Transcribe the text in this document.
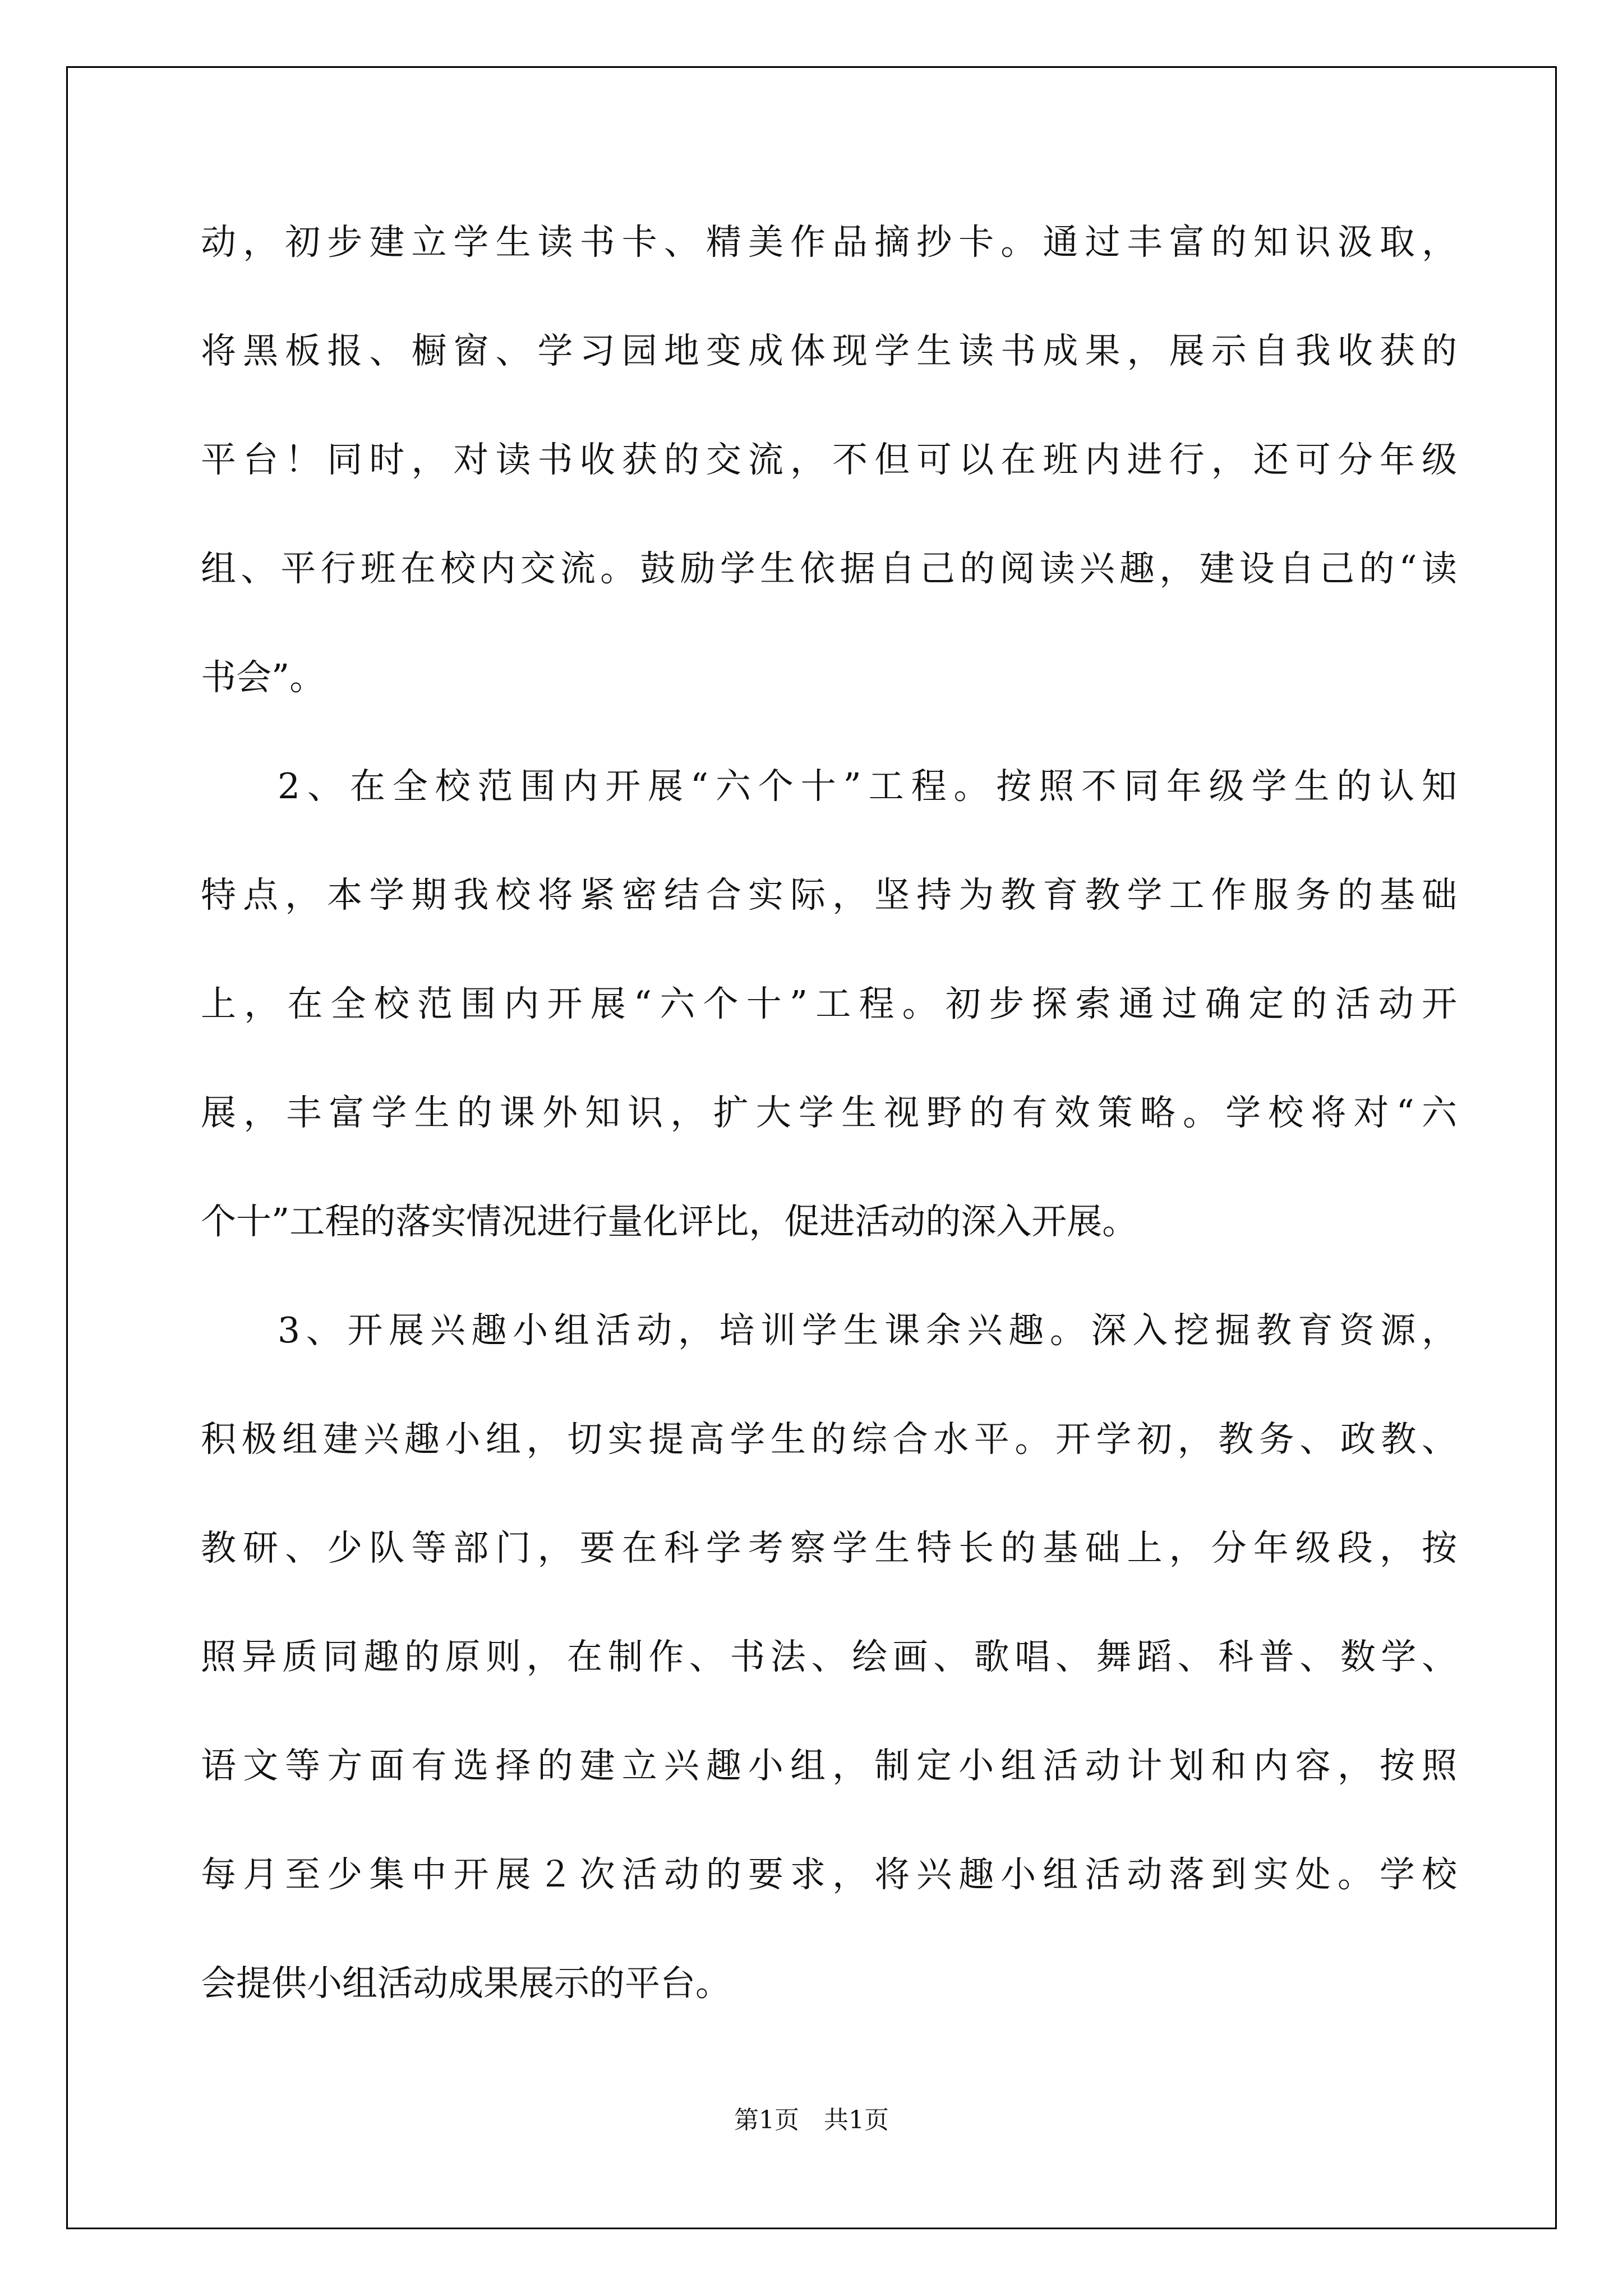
动，初步建立学生读书卡、精美作品摘抄卡。通过丰富的知识汲取，
将黑板报、橱窗、学习园地变成体现学生读书成果，展示自我收获的
平台！同时，对读书收获的交流，不但可以在班内进行，还可分年级
组、平行班在校内交流。鼓励学生依据自己的阅读兴趣，建设自己的“读
书会”。
2、在全校范围内开展“六个十”工程。按照不同年级学生的认知
特点，本学期我校将紧密结合实际，坚持为教育教学工作服务的基础
上，在全校范围内开展“六个十”工程。初步探索通过确定的活动开
展，丰富学生的课外知识，扩大学生视野的有效策略。学校将对“六
个十”工程的落实情况进行量化评比，促进活动的深入开展。
3、开展兴趣小组活动，培训学生课余兴趣。深入挖掘教育资源，
积极组建兴趣小组，切实提高学生的综合水平。开学初，教务、政教、
教研、少队等部门，要在科学考察学生特长的基础上，分年级段，按
照异质同趣的原则，在制作、书法、绘画、歌唱、舞蹈、科普、数学、
语文等方面有选择的建立兴趣小组，制定小组活动计划和内容，按照
每月至少集中开展２次活动的要求，将兴趣小组活动落到实处。学校
会提供小组活动成果展示的平台。
第1页　共1页
